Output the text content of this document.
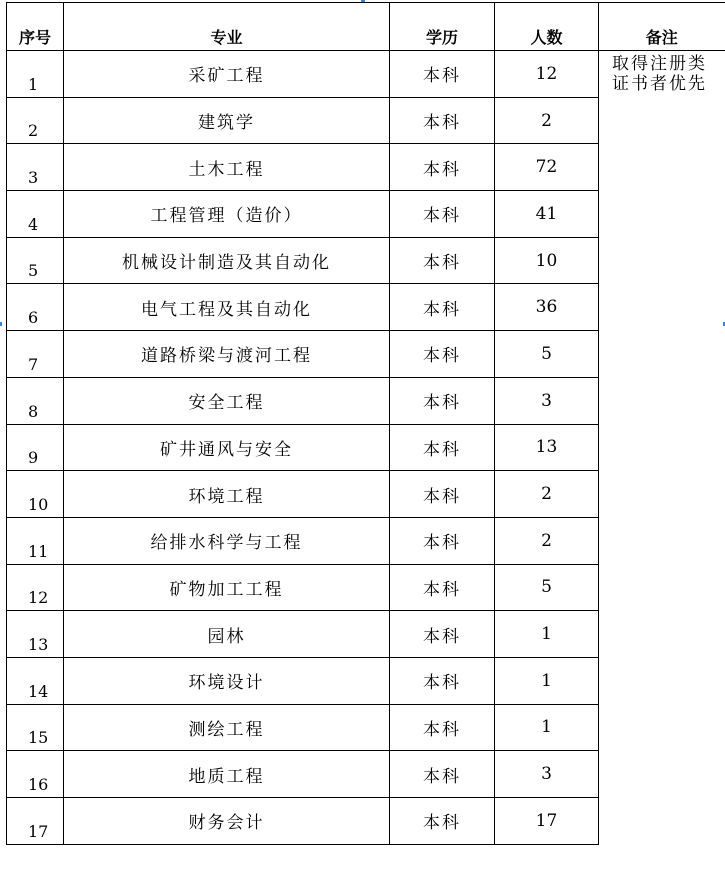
序号	专业	学历	人数	备注
1	采矿工程	本科	12	取得注册类证书者优先
2	建筑学	本科	2	
3	土木工程	本科	72	
4	工程管理（造价）	本科	41	
5	机械设计制造及其自动化	本科	10	
6	电气工程及其自动化	本科	36	
7	道路桥梁与渡河工程	本科	5	
8	安全工程	本科	3	
9	矿井通风与安全	本科	13	
10	环境工程	本科	2	
11	给排水科学与工程	本科	2	
12	矿物加工工程	本科	5	
13	园林	本科	1	
14	环境设计	本科	1	
15	测绘工程	本科	1	
16	地质工程	本科	3	
17	财务会计	本科	17	
